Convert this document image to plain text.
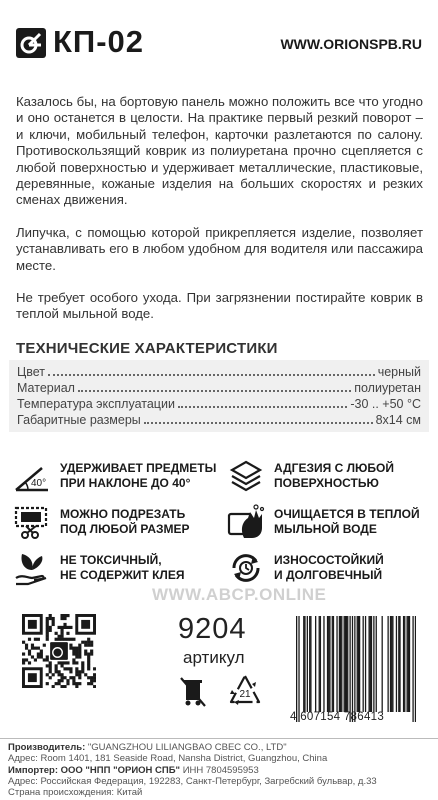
КП-02	WWW.ORIONSPB.RU

Казалось бы, на бортовую панель можно положить все что угодно и оно останется в целости. На практике первый резкий поворот – и ключи, мобильный телефон, карточки разлетаются по салону. Противоскользящий коврик из полиуретана прочно сцепляется с любой поверхностью и удерживает металлические, пластиковые, деревянные, кожаные изделия на больших скоростях и резких сменах движения.

Липучка, с помощью которой прикрепляется изделие, позволяет устанавливать его в любом удобном для водителя или пассажира месте.

Не требует особого ухода. При загрязнении постирайте коврик в теплой мыльной воде.

ТЕХНИЧЕСКИЕ ХАРАКТЕРИСТИКИ
Цвет	черный
Материал	полиуретан
Температура эксплуатации	-30 .. +50 °С
Габаритные размеры	8х14 см
40°
УДЕРЖИВАЕТ ПРЕДМЕТЫ
ПРИ НАКЛОНЕ ДО 40°
АДГЕЗИЯ С ЛЮБОЙ
ПОВЕРХНОСТЬЮ
МОЖНО ПОДРЕЗАТЬ
ПОД ЛЮБОЙ РАЗМЕР
ОЧИЩАЕТСЯ В ТЕПЛОЙ
МЫЛЬНОЙ ВОДЕ
НЕ ТОКСИЧНЫЙ,
НЕ СОДЕРЖИТ КЛЕЯ
ИЗНОСОСТОЙКИЙ
И ДОЛГОВЕЧНЫЙ
WWW.ABCP.ONLINE
9204
артикул
21
4 607154 786413
Производитель: "GUANGZHOU LILIANGBAO CBEC CO., LTD"
Адрес: Room 1401, 181 Seaside Road, Nansha District, Guangzhou, China
Импортер: ООО "НПП "ОРИОН СПБ" ИНН 7804595953
Адрес: Российская Федерация, 192283, Санкт-Петербург, Загребский бульвар, д.33
Страна происхождения: Китай
